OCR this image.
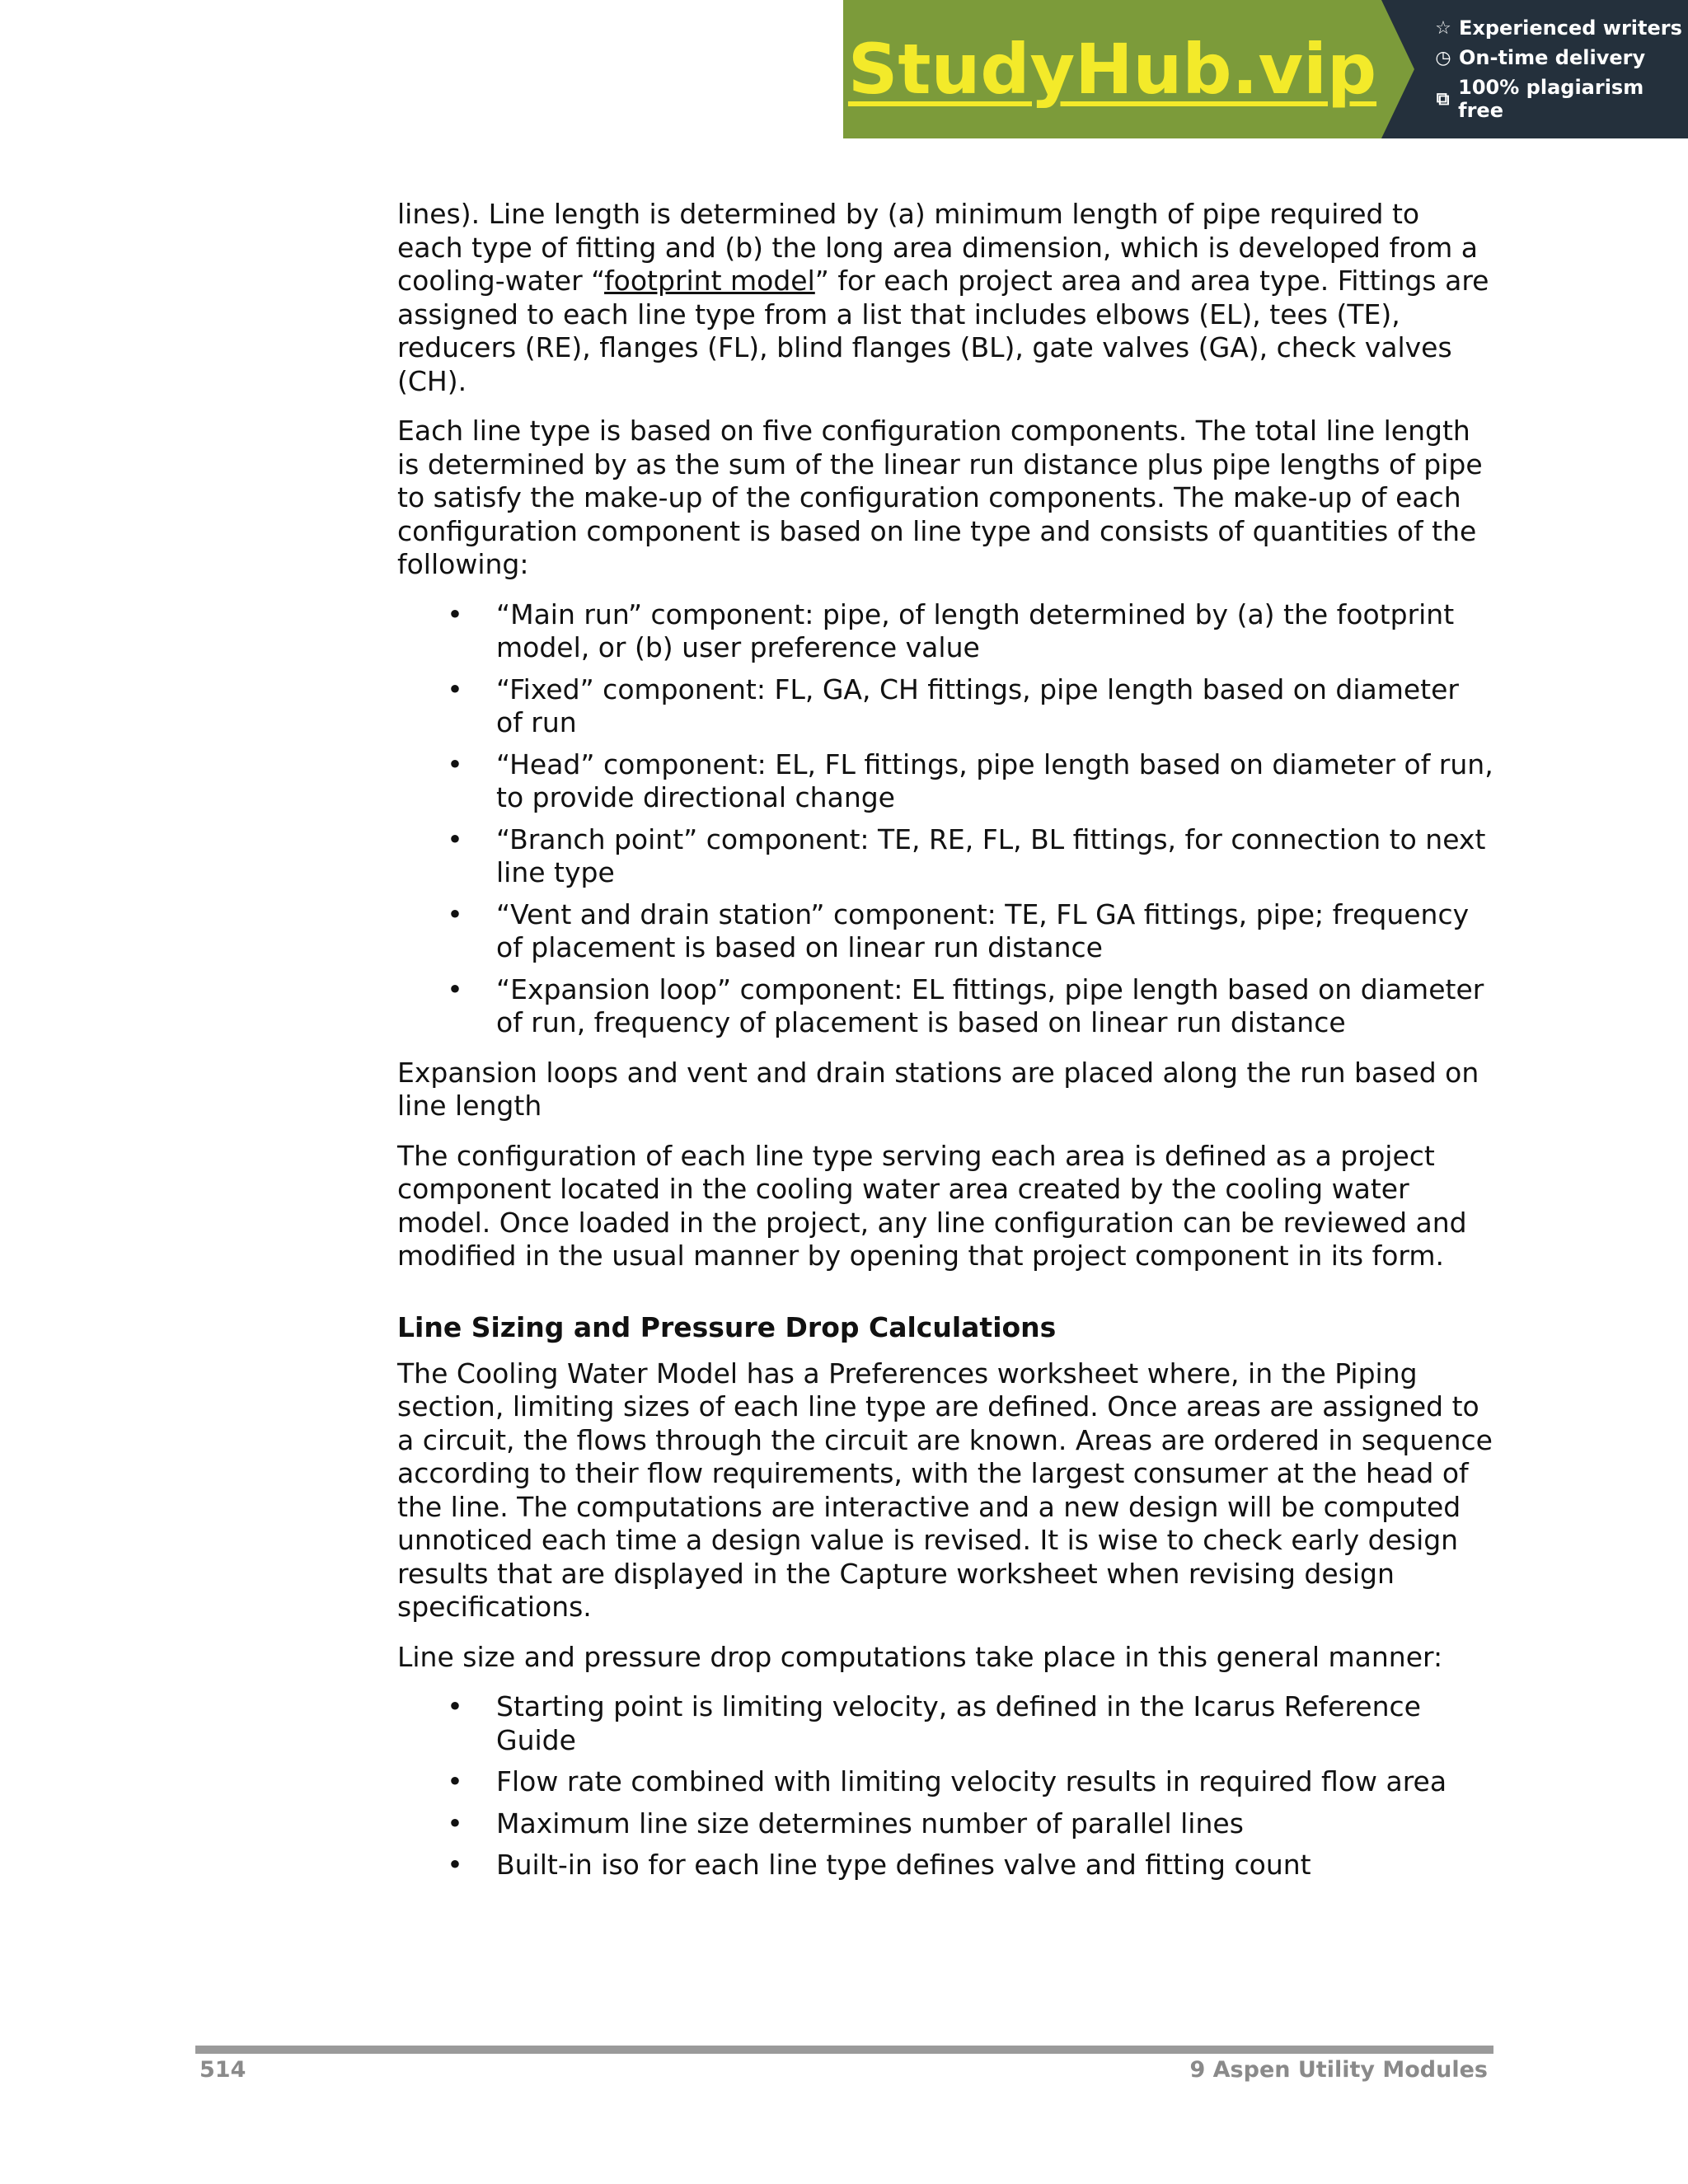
StudyHub.vip
☆ Experienced writers
◷ On-time delivery
⧉ 100% plagiarism free

lines). Line length is determined by (a) minimum length of pipe required to each type of fitting and (b) the long area dimension, which is developed from a cooling-water “footprint model” for each project area and area type. Fittings are assigned to each line type from a list that includes elbows (EL), tees (TE), reducers (RE), flanges (FL), blind flanges (BL), gate valves (GA), check valves (CH).

Each line type is based on five configuration components. The total line length is determined by as the sum of the linear run distance plus pipe lengths of pipe to satisfy the make-up of the configuration components. The make-up of each configuration component is based on line type and consists of quantities of the following:

• “Main run” component: pipe, of length determined by (a) the footprint model, or (b) user preference value
• “Fixed” component: FL, GA, CH fittings, pipe length based on diameter of run
• “Head” component: EL, FL fittings, pipe length based on diameter of run, to provide directional change
• “Branch point” component: TE, RE, FL, BL fittings, for connection to next line type
• “Vent and drain station” component: TE, FL GA fittings, pipe; frequency of placement is based on linear run distance
• “Expansion loop” component: EL fittings, pipe length based on diameter of run, frequency of placement is based on linear run distance

Expansion loops and vent and drain stations are placed along the run based on line length

The configuration of each line type serving each area is defined as a project component located in the cooling water area created by the cooling water model. Once loaded in the project, any line configuration can be reviewed and modified in the usual manner by opening that project component in its form.

Line Sizing and Pressure Drop Calculations

The Cooling Water Model has a Preferences worksheet where, in the Piping section, limiting sizes of each line type are defined. Once areas are assigned to a circuit, the flows through the circuit are known. Areas are ordered in sequence according to their flow requirements, with the largest consumer at the head of the line. The computations are interactive and a new design will be computed unnoticed each time a design value is revised. It is wise to check early design results that are displayed in the Capture worksheet when revising design specifications.

Line size and pressure drop computations take place in this general manner:

• Starting point is limiting velocity, as defined in the Icarus Reference Guide
• Flow rate combined with limiting velocity results in required flow area
• Maximum line size determines number of parallel lines
• Built-in iso for each line type defines valve and fitting count
514	9 Aspen Utility Modules
